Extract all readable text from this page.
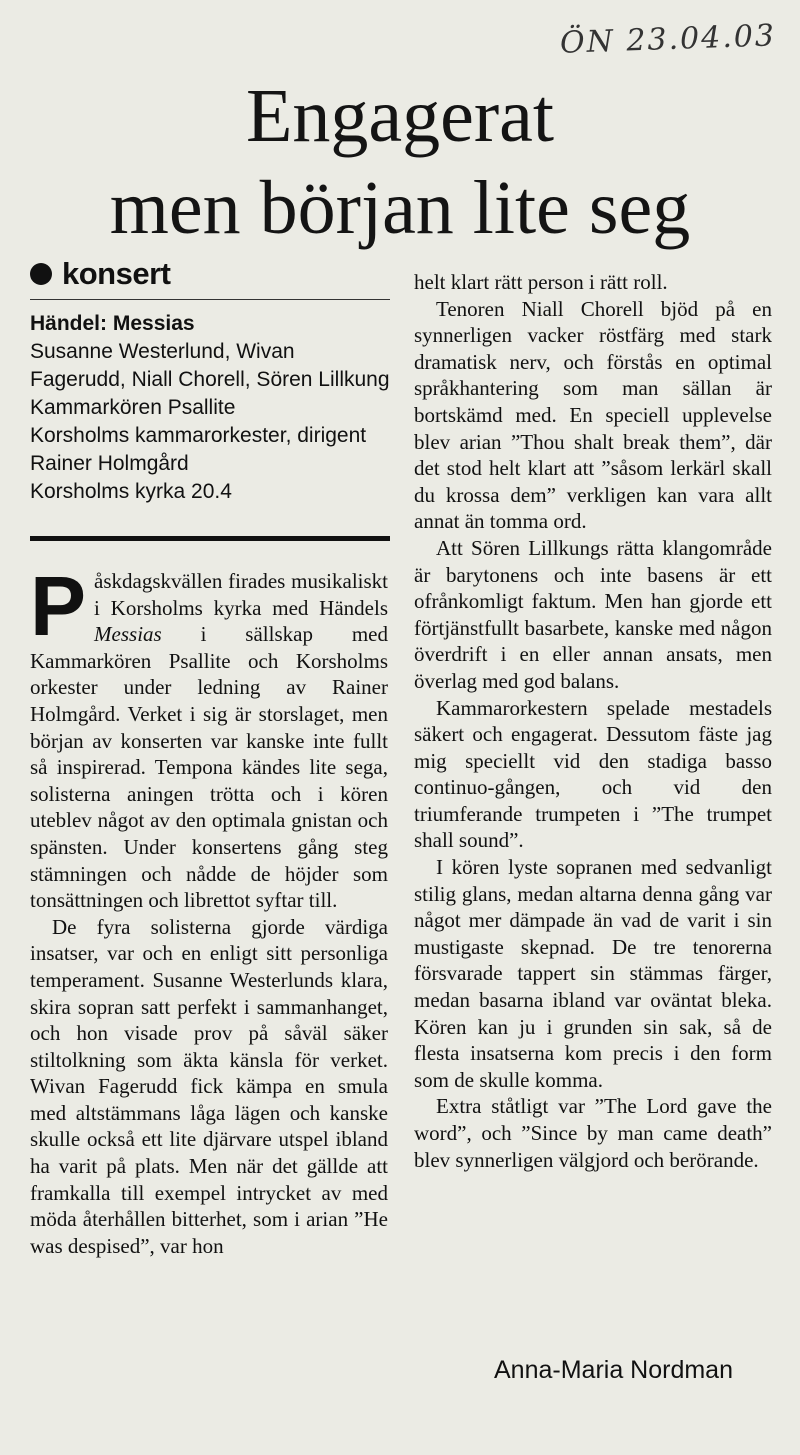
ÖN 23.04.03
Engagerat
men början lite seg
konsert
Händel: Messias
Susanne Westerlund, Wivan Fagerudd, Niall Chorell, Sören Lillkung
Kammarkören Psallite
Korsholms kammarorkester, dirigent Rainer Holmgård
Korsholms kyrka 20.4

Påskdagskvällen firades musikaliskt i Korsholms kyrka med Händels Messias i sällskap med Kammarkören Psallite och Korsholms orkester under ledning av Rainer Holmgård. Verket i sig är storslaget, men början av konserten var kanske inte fullt så inspirerad. Tempona kändes lite sega, solisterna aningen trötta och i kören uteblev något av den optimala gnistan och spänsten. Under konsertens gång steg stämningen och nådde de höjder som tonsättningen och librettot syftar till.

De fyra solisterna gjorde värdiga insatser, var och en enligt sitt personliga temperament. Susanne Westerlunds klara, skira sopran satt perfekt i sammanhanget, och hon visade prov på såväl säker stiltolkning som äkta känsla för verket. Wivan Fagerudd fick kämpa en smula med altstämmans låga lägen och kanske skulle också ett lite djärvare utspel ibland ha varit på plats. Men när det gällde att framkalla till exempel intrycket av med möda återhållen bitterhet, som i arian ”He was despised”, var hon

helt klart rätt person i rätt roll.

Tenoren Niall Chorell bjöd på en synnerligen vacker röstfärg med stark dramatisk nerv, och förstås en optimal språkhantering som man sällan är bortskämd med. En speciell upplevelse blev arian ”Thou shalt break them”, där det stod helt klart att ”såsom lerkärl skall du krossa dem” verkligen kan vara allt annat än tomma ord.

Att Sören Lillkungs rätta klangområde är barytonens och inte basens är ett ofrånkomligt faktum. Men han gjorde ett förtjänstfullt basarbete, kanske med någon överdrift i en eller annan ansats, men överlag med god balans.

Kammarorkestern spelade mestadels säkert och engagerat. Dessutom fäste jag mig speciellt vid den stadiga basso continuo-gången, och vid den triumferande trumpeten i ”The trumpet shall sound”.

I kören lyste sopranen med sedvanligt stilig glans, medan altarna denna gång var något mer dämpade än vad de varit i sin mustigaste skepnad. De tre tenorerna försvarade tappert sin stämmas färger, medan basarna ibland var oväntat bleka. Kören kan ju i grunden sin sak, så de flesta insatserna kom precis i den form som de skulle komma.

Extra ståtligt var ”The Lord gave the word”, och ”Since by man came death” blev synnerligen välgjord och berörande.

Anna-Maria Nordman
